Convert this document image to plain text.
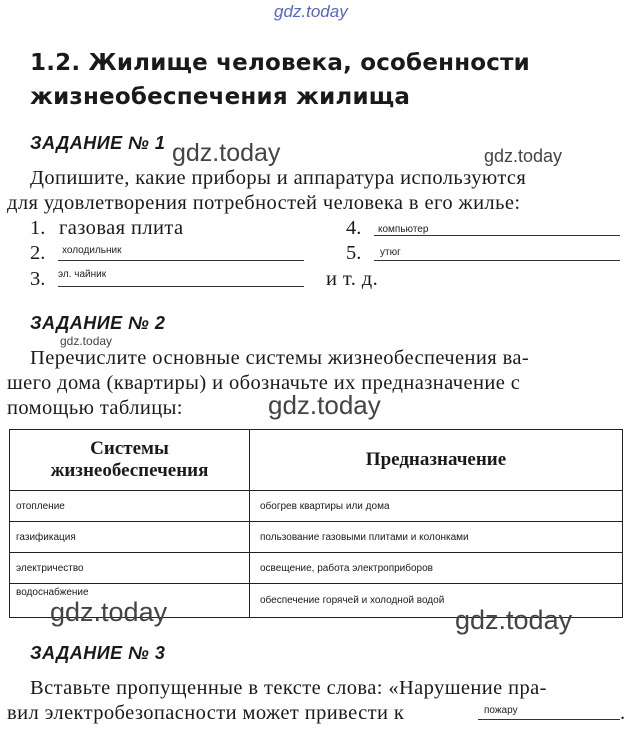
gdz.today
1.2. Жилище человека, особенности
жизнеобеспечения жилища
ЗАДАНИЕ № 1 gdz.today	gdz.today
Допишите, какие приборы и аппаратура используются
для удовлетворения потребностей человека в его жилье:
1. газовая плита
2. холодильник
3. эл. чайник
4. компьютер
5. утюг
и т. д.
ЗАДАНИЕ № 2
gdz.today
Перечислите основные системы жизнеобеспечения ва-
шего дома (квартиры) и обозначьте их предназначение с
помощью таблицы:	gdz.today
Системы
жизнеобеспечения	Предназначение
отопление	обогрев квартиры или дома
газификация	пользование газовыми плитами и колонками
электричество	освещение, работа электроприборов
водоснабжение	обеспечение горячей и холодной водой
gdz.today	gdz.today
ЗАДАНИЕ № 3
Вставьте пропущенные в тексте слова: «Нарушение пра-
вил электробезопасности может привести к	пожару	.
